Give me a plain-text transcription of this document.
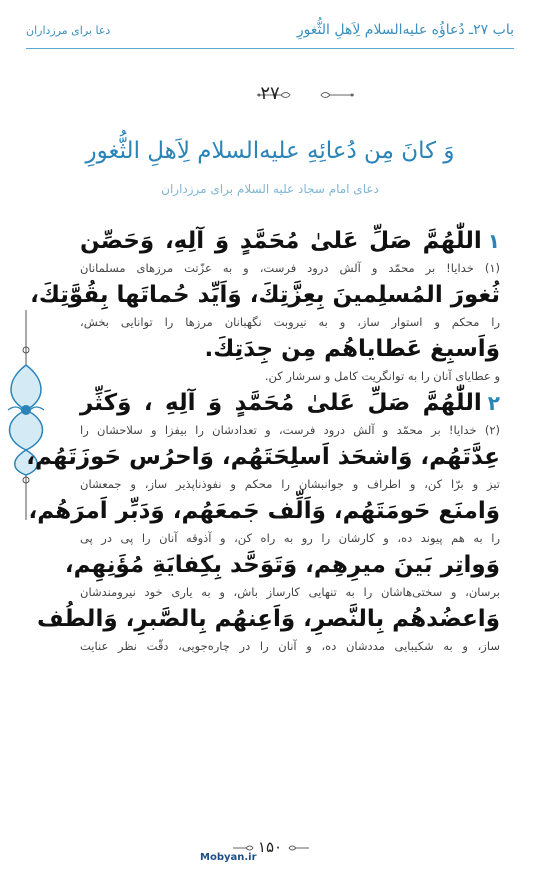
باب ۲۷ـ دُعاؤُه علیه‌السلام لِاَهلِ الثُّغورِ
دعا برای مرزداران
۲۷
وَ کانَ مِن دُعائِهِ علیه‌السلام لِاَهلِ الثُّغورِ
دعای امام سجاد علیه السلام برای مرزداران
١اللّٰهُمَّ صَلِّ عَلىٰ مُحَمَّدٍ وَ آلِهِ، وَحَصِّن
(۱) خدایا! بر محمّد و آلش درود فرست، و به عزّتت مرزهای مسلمانان
ثُغورَ المُسلِمینَ بِعِزَّتِكَ، وَاَیِّد حُماتَها بِقُوَّتِكَ،
را محکم و استوار ساز، و به نیروبت نگهبانان مرزها را توانایی بخش،
وَاَسبِغ عَطایاهُم مِن جِدَتِكَ.
و عطایای آنان را به توانگریت کامل و سرشار کن.
٢اللّٰهُمَّ صَلِّ عَلىٰ مُحَمَّدٍ وَ آلِهِ ، وَكَثِّر
(۲) خدایا! بر محمّد و آلش درود فرست، و تعدادشان را بیفزا و سلاحشان را
عِدَّتَهُم، وَاشحَذ اَسلِحَتَهُم، وَاحرُس حَوزَتَهُم،
تیز و برّا کن، و اطراف و جوانبشان را محکم و نفوذناپذیر ساز، و جمعشان
وَامنَع حَومَتَهُم، وَاَلِّف جَمعَهُم، وَدَبِّر اَمرَهُم،
را به هم پیوند ده، و کارشان را رو به راه کن، و آذوقه آنان را پی در پی
وَواتِر بَینَ میرِهِم، وَتَوَحَّد بِكِفايَةِ مُؤَنِهِم،
برسان، و سختی‌هاشان را به تنهایی کارساز باش، و به یاری خود نیرومندشان
وَاعضُدهُم بِالنَّصرِ، وَاَعِنهُم بِالصَّبرِ، وَالطُف
ساز، و به شکیبایی مددشان ده، و آنان را در چاره‌جویی، دقّت نظر عنایت
۱۵۰
Mobyan.ir
